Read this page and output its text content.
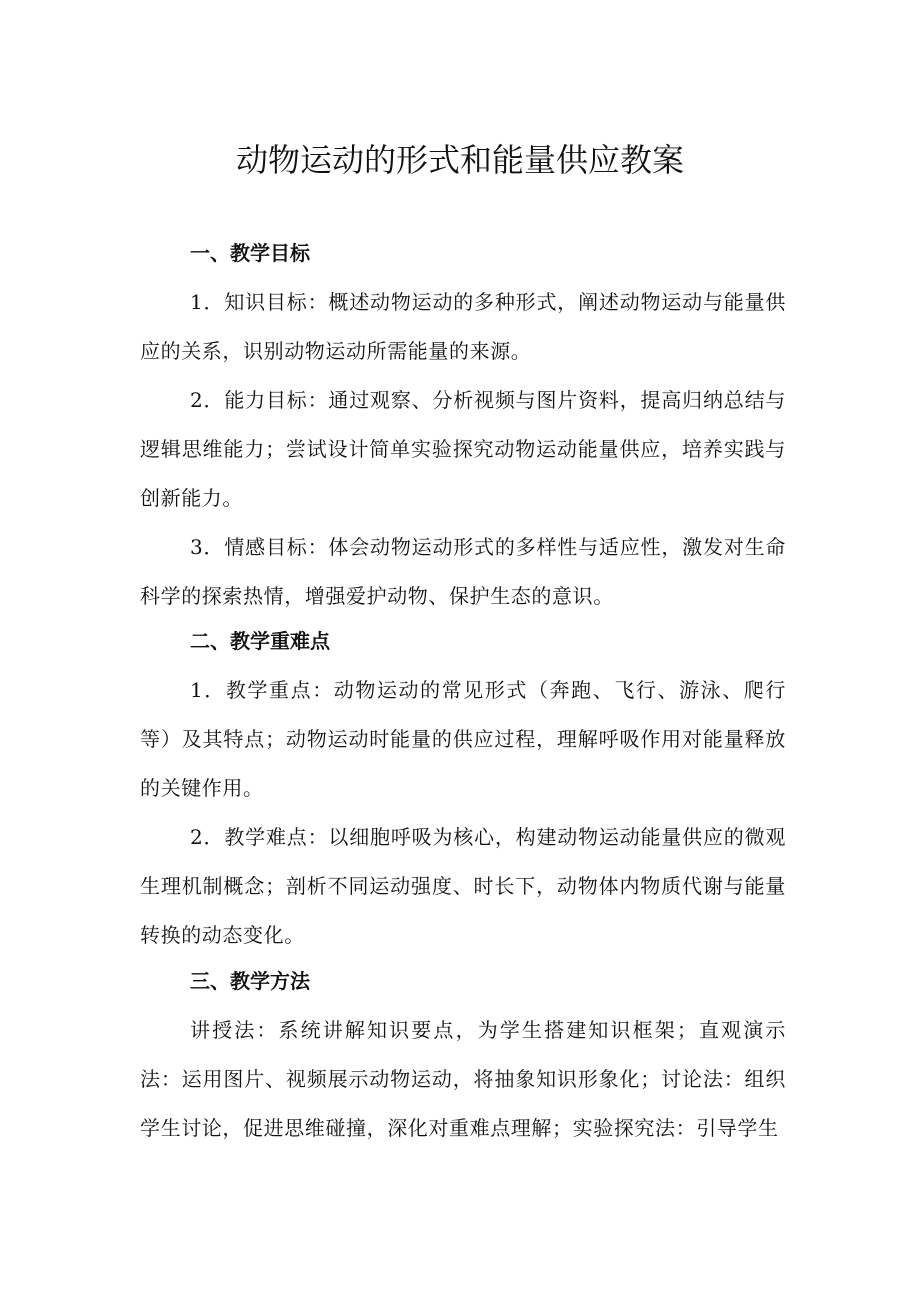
动物运动的形式和能量供应教案
一、教学目标

1．知识目标：概述动物运动的多种形式，阐述动物运动与能量供应的关系，识别动物运动所需能量的来源。

2．能力目标：通过观察、分析视频与图片资料，提高归纳总结与逻辑思维能力；尝试设计简单实验探究动物运动能量供应，培养实践与创新能力。

3．情感目标：体会动物运动形式的多样性与适应性，激发对生命科学的探索热情，增强爱护动物、保护生态的意识。

二、教学重难点

1．教学重点：动物运动的常见形式（奔跑、飞行、游泳、爬行等）及其特点；动物运动时能量的供应过程，理解呼吸作用对能量释放的关键作用。

2．教学难点：以细胞呼吸为核心，构建动物运动能量供应的微观生理机制概念；剖析不同运动强度、时长下，动物体内物质代谢与能量转换的动态变化。

三、教学方法

讲授法：系统讲解知识要点，为学生搭建知识框架；直观演示法：运用图片、视频展示动物运动，将抽象知识形象化；讨论法：组织学生讨论，促进思维碰撞，深化对重难点理解；实验探究法：引导学生
